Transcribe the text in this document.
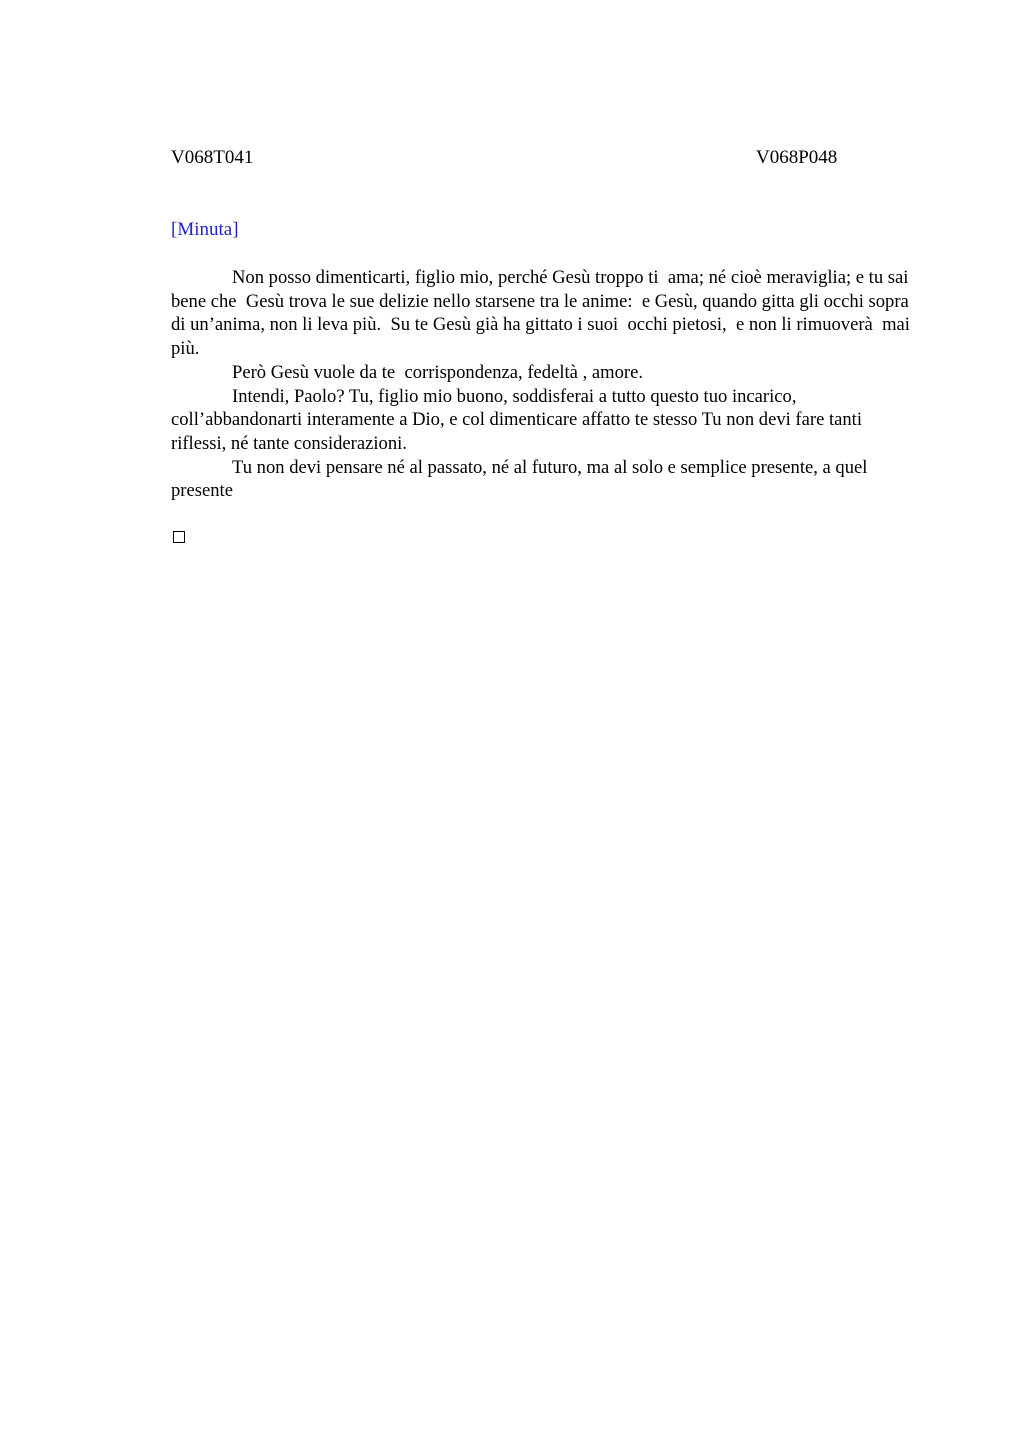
V068T041	V068P048
[Minuta]

Non posso dimenticarti, figlio mio, perché Gesù troppo ti  ama; né cioè meraviglia; e tu sai bene che  Gesù trova le sue delizie nello starsene tra le anime:  e Gesù, quando gitta gli occhi sopra di un’anima, non li leva più.  Su te Gesù già ha gittato i suoi  occhi pietosi,  e non li rimuoverà  mai  più.

Però Gesù vuole da te  corrispondenza, fedeltà , amore.

Intendi, Paolo? Tu, figlio mio buono, soddisferai a tutto questo tuo incarico, coll’abbandonarti interamente a Dio, e col dimenticare affatto te stesso Tu non devi fare tanti  riflessi, né tante considerazioni.

Tu non devi pensare né al passato, né al futuro, ma al solo e semplice presente, a quel presente
